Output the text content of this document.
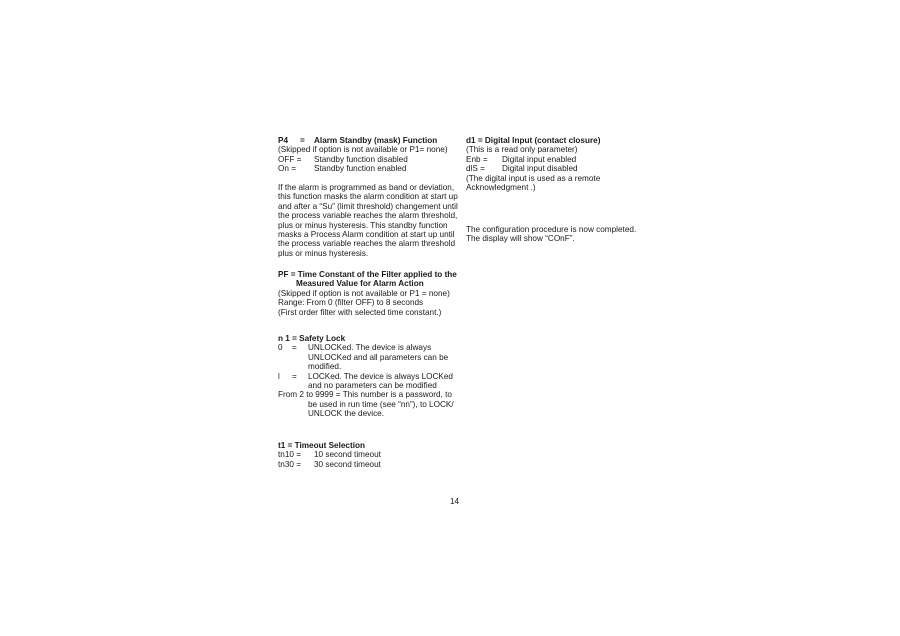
P4	=	Alarm Standby (mask) Function
(Skipped if option is not available or P1= none)
OFF =	Standby function disabled
On =	Standby function enabled
If the alarm is programmed as band or deviation,
this function masks the alarm condition at start up
and after a “Su” (limit threshold) changement until
the process variable reaches the alarm threshold,
plus or minus hysteresis. This standby function
masks a Process Alarm condition at start up until
the process variable reaches the alarm threshold
plus or minus hysteresis.
PF = Time Constant of the Filter applied to the
Measured Value for Alarm Action
(Skipped if option is not available or P1 = none)
Range: From 0 (filter OFF) to 8 seconds
(First order filter with selected time constant.)
n 1 = Safety Lock
0	=	UNLOCKed. The device is always
UNLOCKed and all parameters can be
modified.
l	=	LOCKed. The device is always LOCKed
and no parameters can be modified
From 2 to 9999 = This number is a password, to
be used in run time (see “nn”), to LOCK/
UNLOCK the device.
t1 = Timeout Selection
tn10 =	10 second timeout
tn30 =	30 second timeout
d1 = Digital Input (contact closure)
(This is a read only parameter)
Enb =	Digital input enabled
dlS =	Digital input disabled
(The digital input is used as a remote
Acknowledgment .)
The configuration procedure is now completed.
The display will show “COnF”.
14
